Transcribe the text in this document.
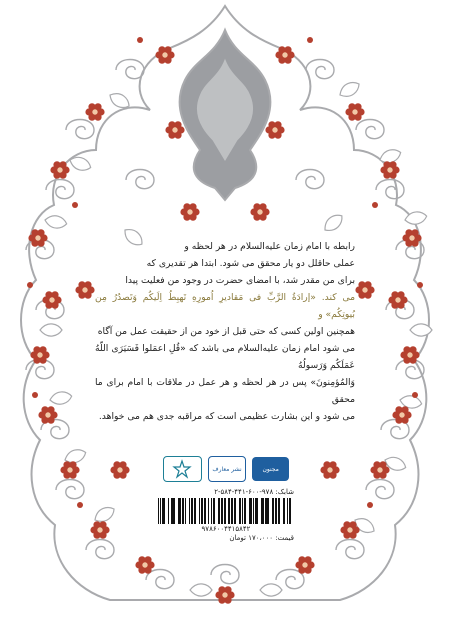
رابطه با امام زمان علیه‌السلام در هر لحظه و
عملی حاقلل دو یار محقق می شود. ابتدا هر تقدیری که
برای من مقدر شد، با امضای حضرت در وجود من فعلیت پیدا
می کند. «إرادَةُ الرَّبِّ فی مَقادیرِ اُمورِهِ تَهبِطُ اِلَیکُم وَتَصدُرُ مِن بُیوتِکُم» و
همچنین اولین کسی که حتی قبل از خود من از حقیقت عمل من آگاه
می شود امام زمان علیه‌السلام می باشد که «قُلِ اعمَلوا فَسَیَرَى اللّهُ عَمَلَکُم وَرَسولُهُ
وَالمُؤمِنونَ» پس در هر لحظه و هر عمل در ملاقات با امام برای ما محقق
می شود و این بشارت عظیمی است که مراقبه جدی هم می خواهد.
مجنون
نشر معارف
شابک: ۹۷۸-۶۰۰-۴۴۱-۵۸۴-۲
۹۷۸۶۰۰۴۴۱۵۸۴۲
قیمت: ۱۷۰،۰۰۰ تومان
